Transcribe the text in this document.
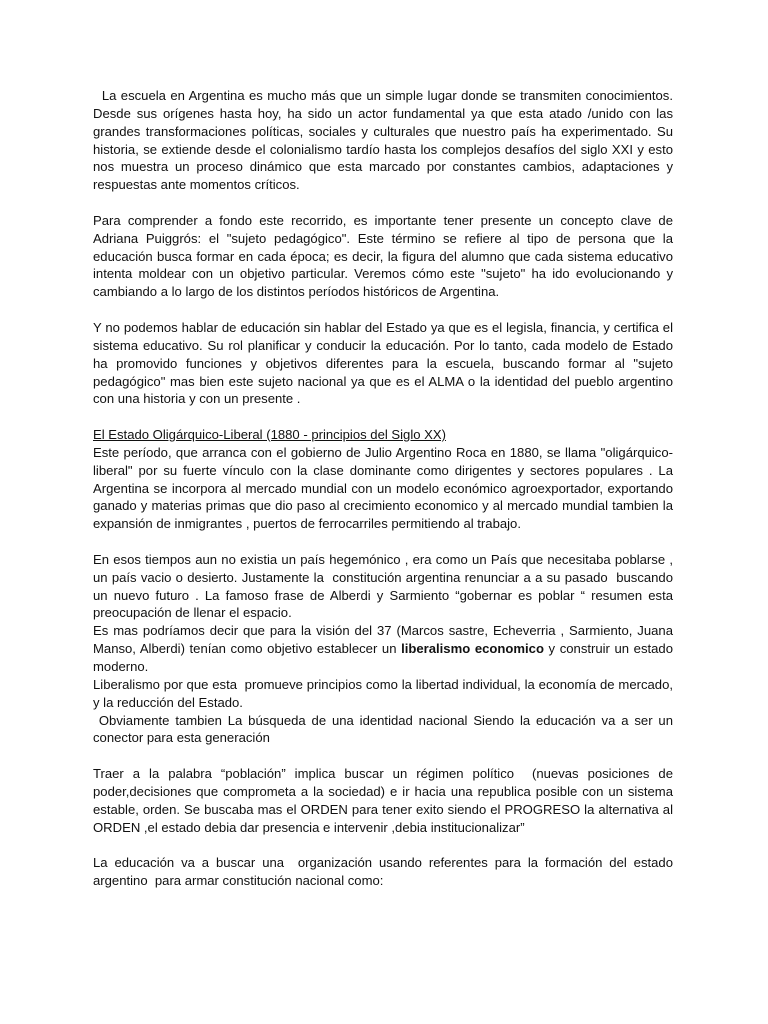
La escuela en Argentina es mucho más que un simple lugar donde se transmiten conocimientos. Desde sus orígenes hasta hoy, ha sido un actor fundamental ya que esta atado /unido con las grandes transformaciones políticas, sociales y culturales que nuestro país ha experimentado. Su historia, se extiende desde el colonialismo tardío hasta los complejos desafíos del siglo XXI y esto nos muestra un proceso dinámico que esta marcado por constantes cambios, adaptaciones y respuestas ante momentos críticos.

Para comprender a fondo este recorrido, es importante tener presente un concepto clave de Adriana Puiggrós: el "sujeto pedagógico". Este término se refiere al tipo de persona que la educación busca formar en cada época; es decir, la figura del alumno que cada sistema educativo intenta moldear con un objetivo particular. Veremos cómo este "sujeto" ha ido evolucionando y cambiando a lo largo de los distintos períodos históricos de Argentina.

Y no podemos hablar de educación sin hablar del Estado ya que es el legisla, financia, y certifica el sistema educativo. Su rol planificar y conducir la educación. Por lo tanto, cada modelo de Estado ha promovido funciones y objetivos diferentes para la escuela, buscando formar al "sujeto pedagógico" mas bien este sujeto nacional ya que es el ALMA o la identidad del pueblo argentino con una historia y con un presente .

El Estado Oligárquico-Liberal (1880 - principios del Siglo XX)
Este período, que arranca con el gobierno de Julio Argentino Roca en 1880, se llama "oligárquico-liberal" por su fuerte vínculo con la clase dominante como dirigentes y sectores populares . La Argentina se incorpora al mercado mundial con un modelo económico agroexportador, exportando ganado y materias primas que dio paso al crecimiento economico y al mercado mundial tambien la expansión de inmigrantes , puertos de ferrocarriles permitiendo al trabajo.

En esos tiempos aun no existia un país hegemónico , era como un País que necesitaba poblarse , un país vacio o desierto. Justamente la  constitución argentina renunciar a a su pasado  buscando un nuevo futuro . La famoso frase de Alberdi y Sarmiento “gobernar es poblar “ resumen esta preocupación de llenar el espacio.

Es mas podríamos decir que para la visión del 37 (Marcos sastre, Echeverria , Sarmiento, Juana Manso, Alberdi) tenían como objetivo establecer un liberalismo economico y construir un estado moderno.

Liberalismo por que esta  promueve principios como la libertad individual, la economía de mercado, y la reducción del Estado.

Obviamente tambien La búsqueda de una identidad nacional Siendo la educación va a ser un  conector para esta generación

Traer a la palabra “población” implica buscar un régimen político  (nuevas posiciones de poder,decisiones que comprometa a la sociedad) e ir hacia una republica posible con un sistema estable, orden. Se buscaba mas el ORDEN para tener exito siendo el PROGRESO la alternativa al ORDEN ,el estado debia dar presencia e intervenir ,debia institucionalizar”

La educación va a buscar una  organización usando referentes para la formación del estado argentino  para armar constitución nacional como:
